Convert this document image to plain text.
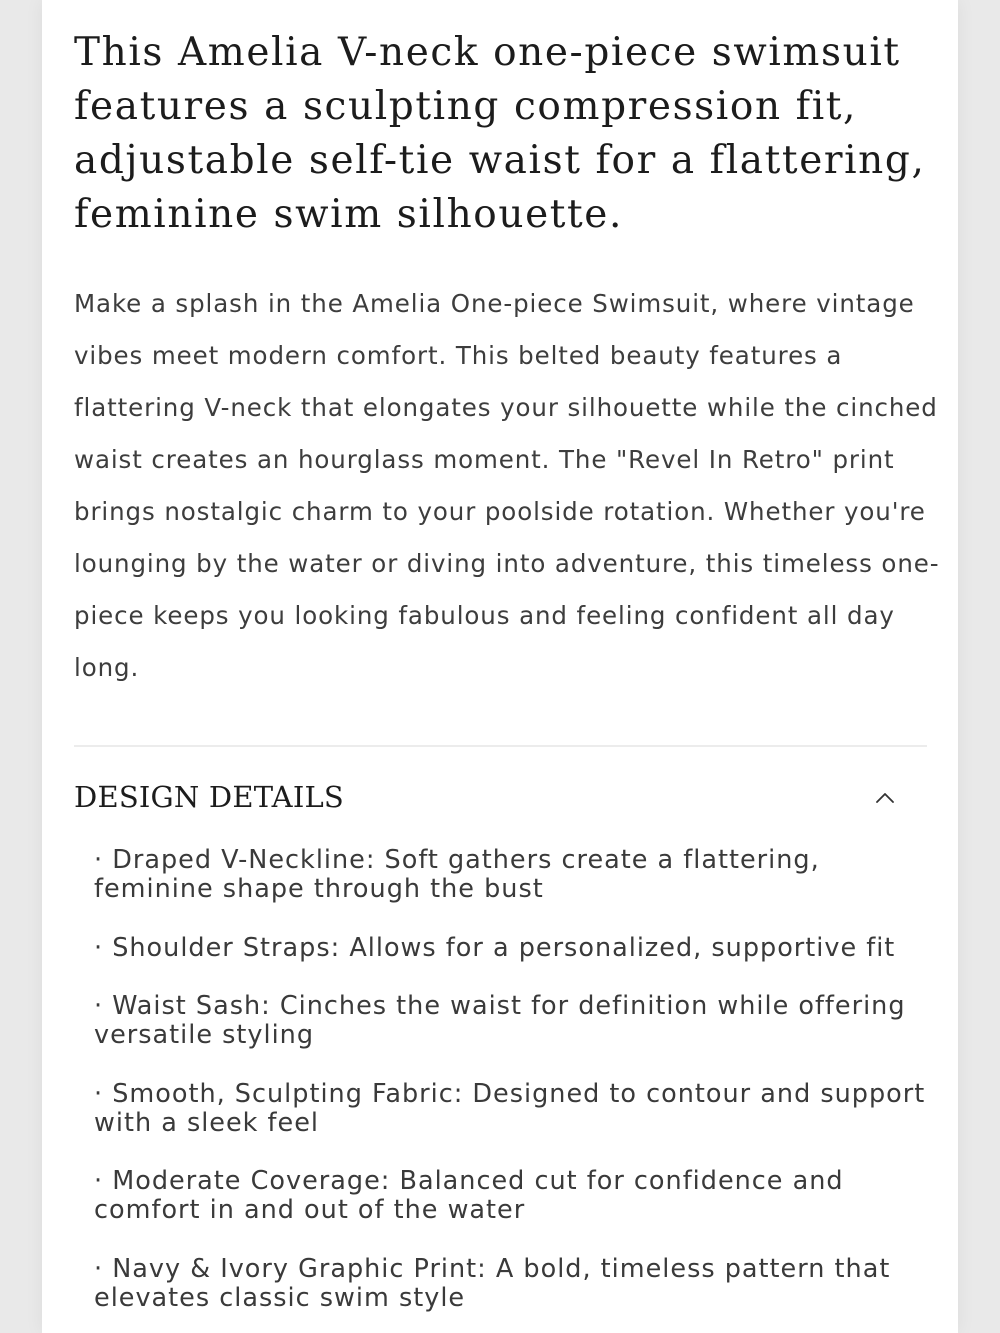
This Amelia V-neck one-piece swimsuit features a sculpting compression fit, adjustable self-tie waist for a flattering, feminine swim silhouette.

Make a splash in the Amelia One-piece Swimsuit, where vintage vibes meet modern comfort. This belted beauty features a flattering V-neck that elongates your silhouette while the cinched waist creates an hourglass moment. The "Revel In Retro" print brings nostalgic charm to your poolside rotation. Whether you're lounging by the water or diving into adventure, this timeless one-piece keeps you looking fabulous and feeling confident all day long.

DESIGN DETAILS
· Draped V-Neckline: Soft gathers create a flattering, feminine shape through the bust
· Shoulder Straps: Allows for a personalized, supportive fit
· Waist Sash: Cinches the waist for definition while offering versatile styling
· Smooth, Sculpting Fabric: Designed to contour and support with a sleek feel
· Moderate Coverage: Balanced cut for confidence and comfort in and out of the water
· Navy & Ivory Graphic Print: A bold, timeless pattern that elevates classic swim style
